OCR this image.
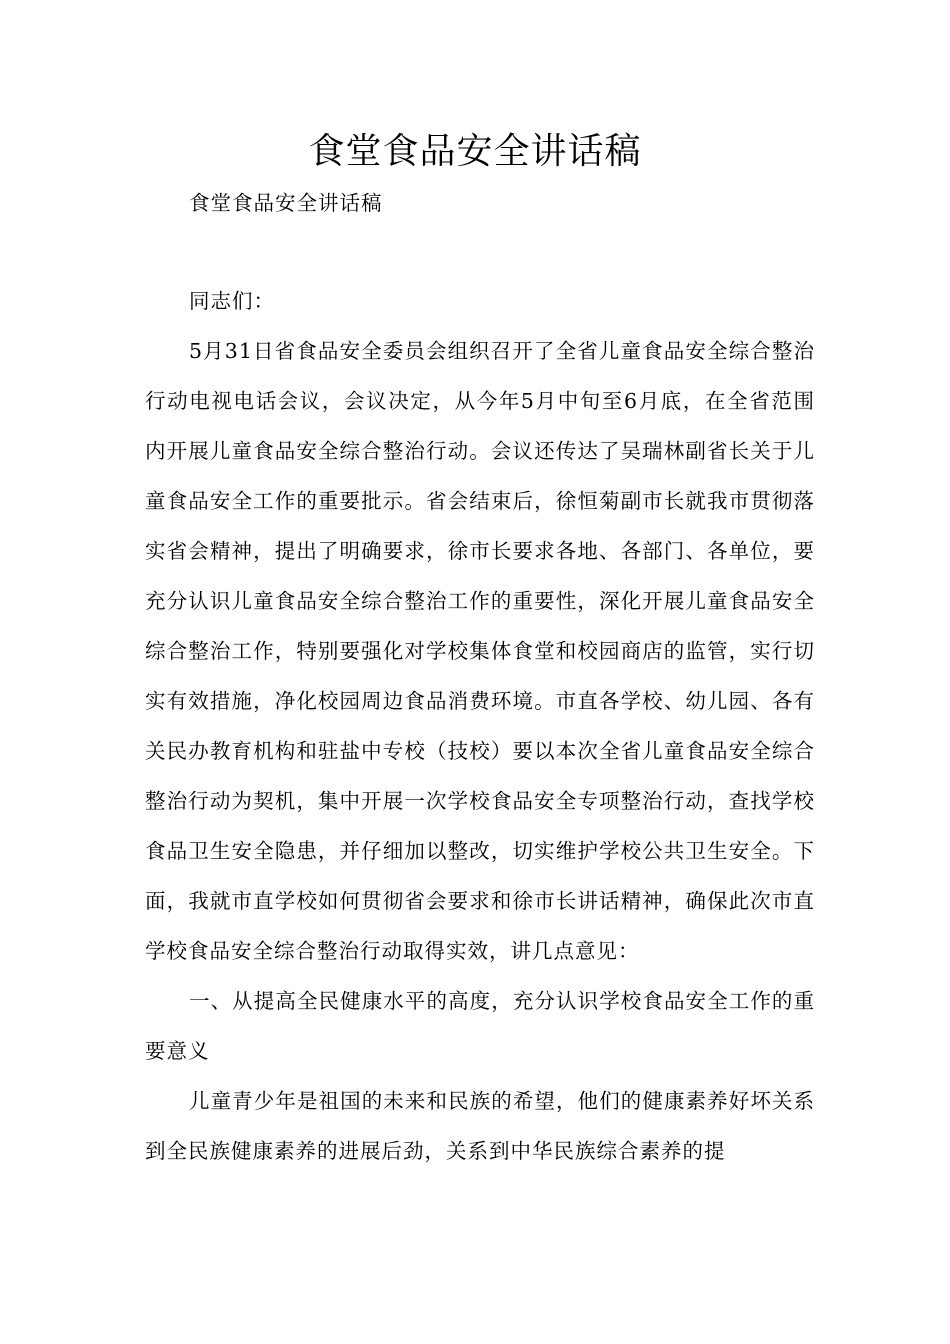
食堂食品安全讲话稿
食堂食品安全讲话稿
同志们：

5月31日省食品安全委员会组织召开了全省儿童食品安全综合整治行动电视电话会议，会议决定，从今年5月中旬至6月底，在全省范围内开展儿童食品安全综合整治行动。会议还传达了吴瑞林副省长关于儿童食品安全工作的重要批示。省会结束后，徐恒菊副市长就我市贯彻落实省会精神，提出了明确要求，徐市长要求各地、各部门、各单位，要充分认识儿童食品安全综合整治工作的重要性，深化开展儿童食品安全综合整治工作，特别要强化对学校集体食堂和校园商店的监管，实行切实有效措施，净化校园周边食品消费环境。市直各学校、幼儿园、各有关民办教育机构和驻盐中专校（技校）要以本次全省儿童食品安全综合整治行动为契机，集中开展一次学校食品安全专项整治行动，查找学校食品卫生安全隐患，并仔细加以整改，切实维护学校公共卫生安全。下面，我就市直学校如何贯彻省会要求和徐市长讲话精神，确保此次市直学校食品安全综合整治行动取得实效，讲几点意见：

一、从提高全民健康水平的高度，充分认识学校食品安全工作的重要意义

儿童青少年是祖国的未来和民族的希望，他们的健康素养好坏关系到全民族健康素养的进展后劲，关系到中华民族综合素养的提
